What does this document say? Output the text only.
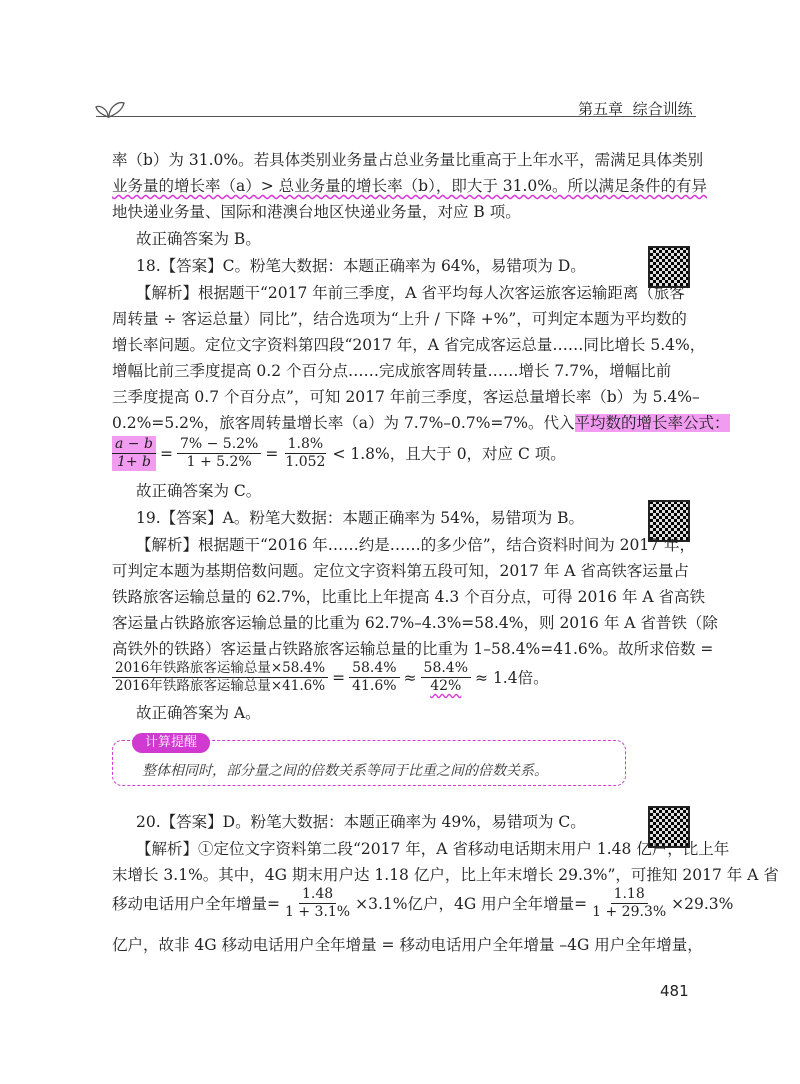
第五章 综合训练
率（b）为 31.0%。若具体类别业务量占总业务量比重高于上年水平，需满足具体类别
业务量的增长率（a）> 总业务量的增长率（b），即大于 31.0%。所以满足条件的有异
地快递业务量、国际和港澳台地区快递业务量，对应 B 项。
故正确答案为 B。
18.【答案】C。粉笔大数据：本题正确率为 64%，易错项为 D。
【解析】根据题干“2017 年前三季度，A 省平均每人次客运旅客运输距离（旅客
周转量 ÷ 客运总量）同比”，结合选项为“上升 / 下降 +%”，可判定本题为平均数的
增长率问题。定位文字资料第四段“2017 年，A 省完成客运总量……同比增长 5.4%，
增幅比前三季度提高 0.2 个百分点……完成旅客周转量……增长 7.7%，增幅比前
三季度提高 0.7 个百分点”，可知 2017 年前三季度，客运总量增长率（b）为 5.4%–
0.2%=5.2%，旅客周转量增长率（a）为 7.7%–0.7%=7%。代入平均数的增长率公式：
$\frac{a - b}{1+ b} = \frac{7\% - 5.2\%}{1 + 5.2\%} = \frac{1.8\%}{1.052} < 1.8\%$，且大于 0，对应 C 项。
故正确答案为 C。
19.【答案】A。粉笔大数据：本题正确率为 54%，易错项为 B。
【解析】根据题干“2016 年……约是……的多少倍”，结合资料时间为 2017 年，
可判定本题为基期倍数问题。定位文字资料第五段可知，2017 年 A 省高铁客运量占
铁路旅客运输总量的 62.7%，比重比上年提高 4.3 个百分点，可得 2016 年 A 省高铁
客运量占铁路旅客运输总量的比重为 62.7%–4.3%=58.4%，则 2016 年 A 省普铁（除
高铁外的铁路）客运量占铁路旅客运输总量的比重为 1–58.4%=41.6%。故所求倍数 =
$\frac{\text{2016年铁路旅客运输总量×58.4\%}}{\text{2016年铁路旅客运输总量×41.6\%}} = \frac{58.4\%}{41.6\%} \approx \frac{58.4\%}{42\%} \approx 1.4$倍。
故正确答案为 A。
计算提醒
整体相同时，部分量之间的倍数关系等同于比重之间的倍数关系。
20.【答案】D。粉笔大数据：本题正确率为 49%，易错项为 C。
【解析】①定位文字资料第二段“2017 年，A 省移动电话期末用户 1.48 亿户，比上年
末增长 3.1%。其中，4G 期末用户达 1.18 亿户，比上年末增长 29.3%”，可推知 2017 年 A 省
移动电话用户全年增量= $\frac{1.48}{1 + 3.1\%} \times 3.1\%$亿户，4G 用户全年增量= $\frac{1.18}{1 + 29.3\%} \times 29.3\%$
亿户，故非 4G 移动电话用户全年增量 = 移动电话用户全年增量 –4G 用户全年增量，
481
